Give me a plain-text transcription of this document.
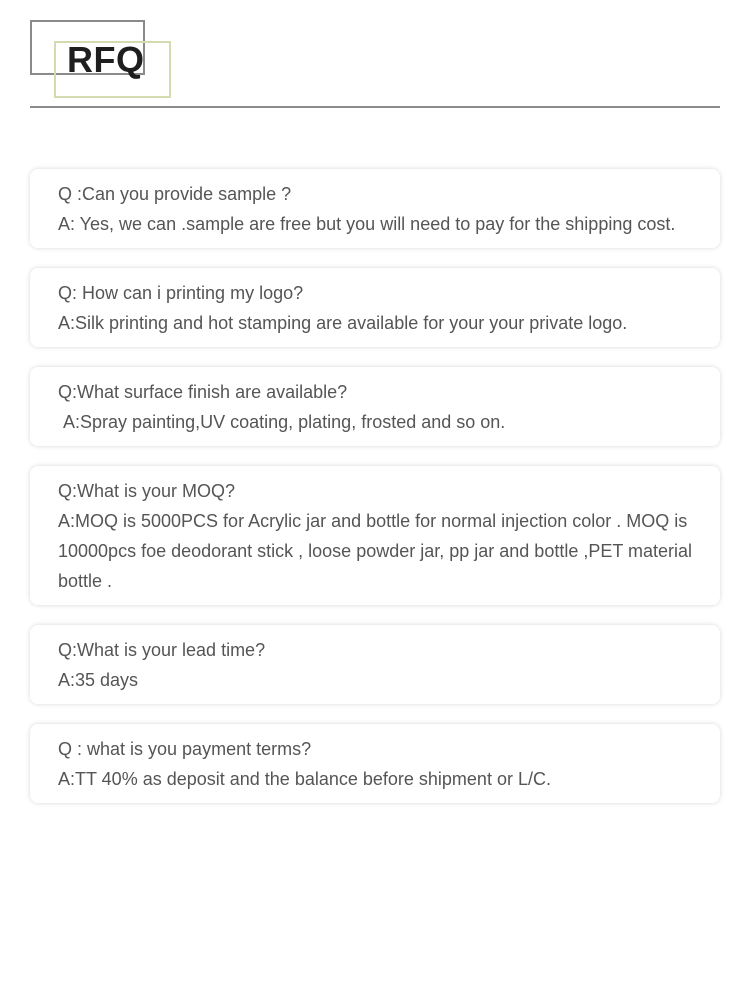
RFQ

Q :Can you provide sample ?

A: Yes, we can .sample are free but you will need to pay for the shipping cost.

Q: How can i printing my logo?

A:Silk printing and hot stamping are available for your your private logo.

Q:What surface finish are available?

A:Spray painting,UV coating, plating, frosted and so on.

Q:What is your MOQ?

A:MOQ is 5000PCS for Acrylic jar and bottle for normal injection color . MOQ is 10000pcs foe deodorant stick , loose powder jar, pp jar and bottle ,PET material bottle .

Q:What is your lead time?

A:35 days

Q : what is you payment terms?

A:TT 40% as deposit and the balance before shipment or L/C.
